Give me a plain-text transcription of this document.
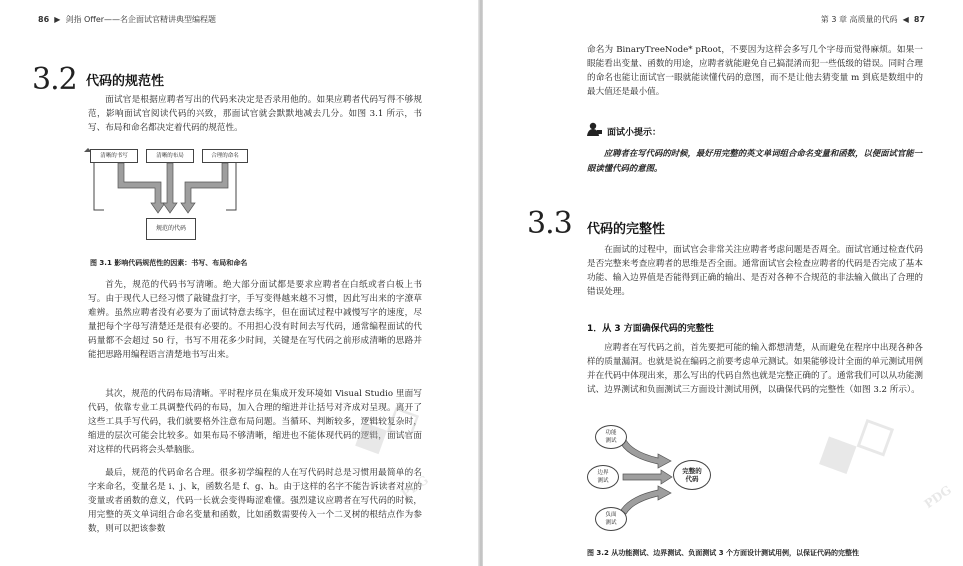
86  ▶  剑指 Offer——名企面试官精讲典型编程题
3.2 代码的规范性

面试官是根据应聘者写出的代码来决定是否录用他的。如果应聘者代码写得不够规范，影响面试官阅读代码的兴致，那面试官就会默默地减去几分。如图 3.1 所示，书写、布局和命名都决定着代码的规范性。

清晰的书写	清晰的布局	合理的命名
规范的代码
图 3.1 影响代码规范性的因素：书写、布局和命名

首先，规范的代码书写清晰。绝大部分面试都是要求应聘者在白纸或者白板上书写。由于现代人已经习惯了敲键盘打字，手写变得越来越不习惯，因此写出来的字潦草难辨。虽然应聘者没有必要为了面试特意去练字，但在面试过程中减慢写字的速度，尽量把每个字母写清楚还是很有必要的。不用担心没有时间去写代码，通常编程面试的代码量都不会超过 50 行，书写不用花多少时间，关键是在写代码之前形成清晰的思路并能把思路用编程语言清楚地书写出来。

其次，规范的代码布局清晰。平时程序员在集成开发环境如 Visual Studio 里面写代码，依靠专业工具调整代码的布局，加入合理的缩进并让括号对齐成对呈现。离开了这些工具手写代码，我们就要格外注意布局问题。当循环、判断较多，逻辑较复杂时，缩进的层次可能会比较多。如果布局不够清晰，缩进也不能体现代码的逻辑，面试官面对这样的代码将会头晕脑胀。

最后，规范的代码命名合理。很多初学编程的人在写代码时总是习惯用最简单的名字来命名，变量名是 i、j、k，函数名是 f、g、h。由于这样的名字不能告诉读者对应的变量或者函数的意义，代码一长就会变得晦涩难懂。强烈建议应聘者在写代码的时候，用完整的英文单词组合命名变量和函数，比如函数需要传入一个二叉树的根结点作为参数，则可以把该参数

◆◇
PDG
第 3 章 高质量的代码  ◀  87

命名为 BinaryTreeNode* pRoot，不要因为这样会多写几个字母而觉得麻烦。如果一眼能看出变量、函数的用途，应聘者就能避免自己搞混淆而犯一些低级的错误。同时合理的命名也能让面试官一眼就能读懂代码的意图，而不是让他去猜变量 m 到底是数组中的最大值还是最小值。

面试小提示：

应聘者在写代码的时候，最好用完整的英文单词组合命名变量和函数，以便面试官能一眼读懂代码的意图。

3.3 代码的完整性

在面试的过程中，面试官会非常关注应聘者考虑问题是否周全。面试官通过检查代码是否完整来考查应聘者的思维是否全面。通常面试官会检查应聘者的代码是否完成了基本功能、输入边界值是否能得到正确的输出、是否对各种不合规范的非法输入做出了合理的错误处理。

1．从 3 方面确保代码的完整性

应聘者在写代码之前，首先要把可能的输入都想清楚，从而避免在程序中出现各种各样的质量漏洞。也就是说在编码之前要考虑单元测试。如果能够设计全面的单元测试用例并在代码中体现出来，那么写出的代码自然也就是完整正确的了。通常我们可以从功能测试、边界测试和负面测试三方面设计测试用例，以确保代码的完整性（如图 3.2 所示）。

功能
测试
边界
测试
负面
测试
完整的
代码
图 3.2 从功能测试、边界测试、负面测试 3 个方面设计测试用例，以保证代码的完整性
◆◇
PDG
